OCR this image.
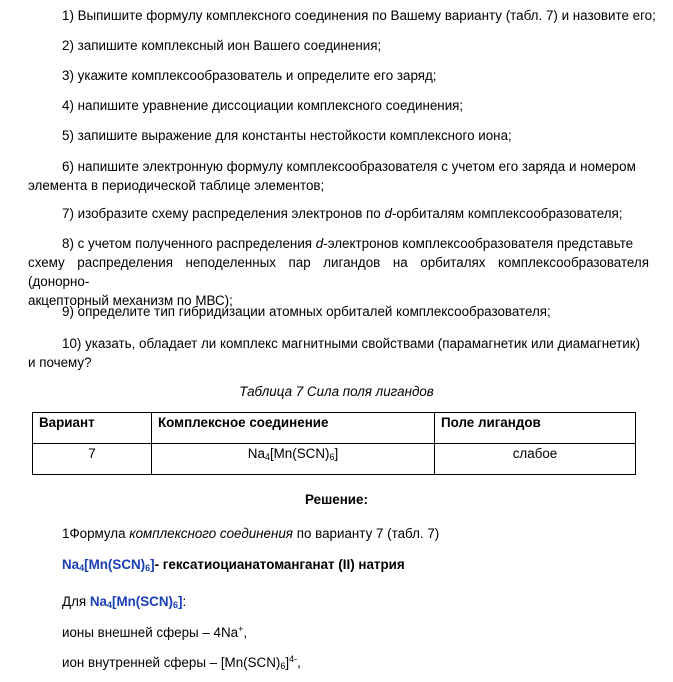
1) Выпишите формулу комплексного соединения по Вашему варианту (табл. 7) и назовите его;
2) запишите комплексный ион Вашего соединения;
3) укажите комплексообразователь и определите его заряд;
4) напишите уравнение диссоциации комплексного соединения;
5) запишите выражение для константы нестойкости комплексного иона;
6) напишите электронную формулу комплексообразователя с учетом его заряда и номером
элемента в периодической таблице элементов;
7) изобразите схему распределения электронов по d-орбиталям комплексообразователя;
8) с учетом полученного распределения d-электронов комплексообразователя представьте
схему распределения неподеленных пар лигандов на орбиталях комплексообразователя (донорно-
акцепторный механизм по МВС);
9) определите тип гибридизации атомных орбиталей комплексообразователя;
10) указать, обладает ли комплекс магнитными свойствами (парамагнетик или диамагнетик)
и почему?
Таблица 7 Сила поля лигандов
Вариант	Комплексное соединение	Поле лигандов
7	$Na_4[Mn(SCN)_6]$	слабое
Решение:
1Формула комплексного соединения по варианту 7 (табл. 7)
$Na_4[Mn(SCN)_6]-$ гексатиоцианатоманганат (II) натрия
Для $Na_4[Mn(SCN)_6]$:
ионы внешней сферы – 4Na+,
ион внутренней сферы – $[Mn(SCN)_6]^{4-}$,
